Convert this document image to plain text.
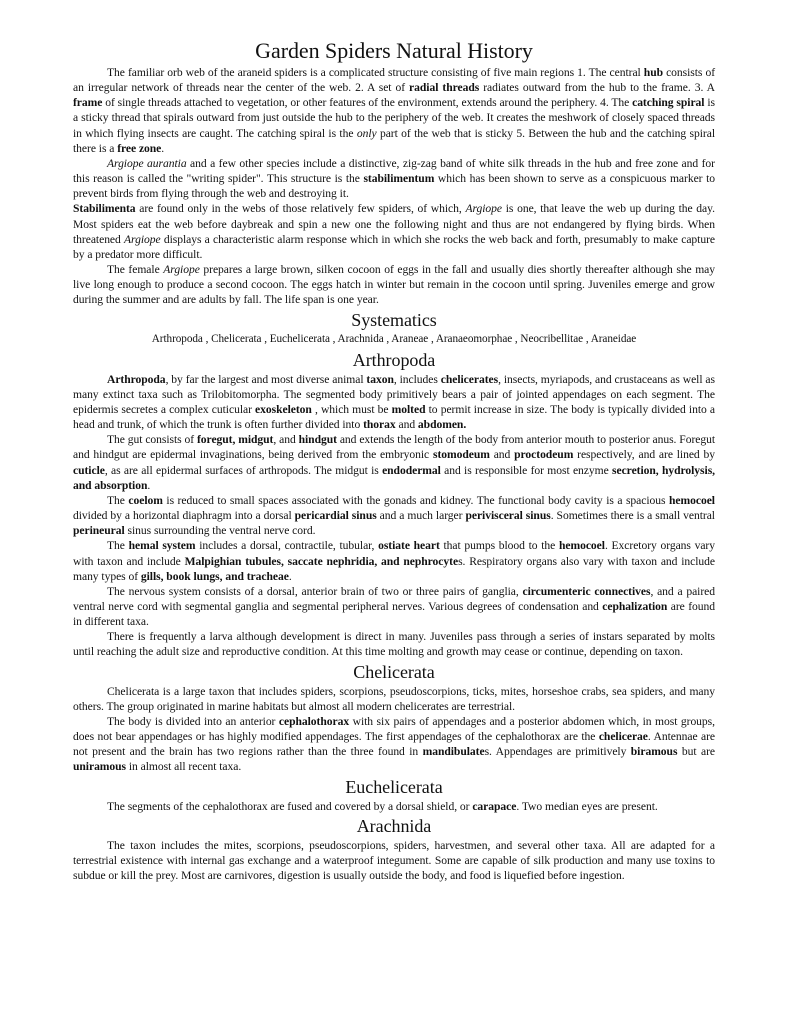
Garden Spiders Natural History

The familiar orb web of the araneid spiders is a complicated structure consisting of five main regions 1. The central hub consists of an irregular network of threads near the center of the web. 2. A set of radial threads radiates outward from the hub to the frame. 3. A frame of single threads attached to vegetation, or other features of the environment, extends around the periphery. 4. The catching spiral is a sticky thread that spirals outward from just outside the hub to the periphery of the web. It creates the meshwork of closely spaced threads in which flying insects are caught. The catching spiral is the only part of the web that is sticky 5. Between the hub and the catching spiral there is a free zone.

Argiope aurantia and a few other species include a distinctive, zig-zag band of white silk threads in the hub and free zone and for this reason is called the "writing spider". This structure is the stabilimentum which has been shown to serve as a conspicuous marker to prevent birds from flying through the web and destroying it.

Stabilimenta are found only in the webs of those relatively few spiders, of which, Argiope is one, that leave the web up during the day. Most spiders eat the web before daybreak and spin a new one the following night and thus are not endangered by flying birds. When threatened Argiope displays a characteristic alarm response which in which she rocks the web back and forth, presumably to make capture by a predator more difficult.

The female Argiope prepares a large brown, silken cocoon of eggs in the fall and usually dies shortly thereafter although she may live long enough to produce a second cocoon. The eggs hatch in winter but remain in the cocoon until spring. Juveniles emerge and grow during the summer and are adults by fall. The life span is one year.

Systematics

Arthropoda , Chelicerata , Euchelicerata , Arachnida , Araneae , Aranaeomorphae , Neocribellitae , Araneidae

Arthropoda

Arthropoda, by far the largest and most diverse animal taxon, includes chelicerates, insects, myriapods, and crustaceans as well as many extinct taxa such as Trilobitomorpha. The segmented body primitively bears a pair of jointed appendages on each segment. The epidermis secretes a complex cuticular exoskeleton , which must be molted to permit increase in size. The body is typically divided into a head and trunk, of which the trunk is often further divided into thorax and abdomen.

The gut consists of foregut, midgut, and hindgut and extends the length of the body from anterior mouth to posterior anus. Foregut and hindgut are epidermal invaginations, being derived from the embryonic stomodeum and proctodeum respectively, and are lined by cuticle, as are all epidermal surfaces of arthropods. The midgut is endodermal and is responsible for most enzyme secretion, hydrolysis, and absorption.

The coelom is reduced to small spaces associated with the gonads and kidney. The functional body cavity is a spacious hemocoel divided by a horizontal diaphragm into a dorsal pericardial sinus and a much larger perivisceral sinus. Sometimes there is a small ventral perineural sinus surrounding the ventral nerve cord.

The hemal system includes a dorsal, contractile, tubular, ostiate heart that pumps blood to the hemocoel. Excretory organs vary with taxon and include Malpighian tubules, saccate nephridia, and nephrocytes. Respiratory organs also vary with taxon and include many types of gills, book lungs, and tracheae.

The nervous system consists of a dorsal, anterior brain of two or three pairs of ganglia, circumenteric connectives, and a paired ventral nerve cord with segmental ganglia and segmental peripheral nerves. Various degrees of condensation and cephalization are found in different taxa.

There is frequently a larva although development is direct in many. Juveniles pass through a series of instars separated by molts until reaching the adult size and reproductive condition. At this time molting and growth may cease or continue, depending on taxon.

Chelicerata

Chelicerata is a large taxon that includes spiders, scorpions, pseudoscorpions, ticks, mites, horseshoe crabs, sea spiders, and many others. The group originated in marine habitats but almost all modern chelicerates are terrestrial.

The body is divided into an anterior cephalothorax with six pairs of appendages and a posterior abdomen which, in most groups, does not bear appendages or has highly modified appendages. The first appendages of the cephalothorax are the chelicerae. Antennae are not present and the brain has two regions rather than the three found in mandibulates. Appendages are primitively biramous but are uniramous in almost all recent taxa.

Euchelicerata

The segments of the cephalothorax are fused and covered by a dorsal shield, or carapace. Two median eyes are present.

Arachnida

The taxon includes the mites, scorpions, pseudoscorpions, spiders, harvestmen, and several other taxa. All are adapted for a terrestrial existence with internal gas exchange and a waterproof integument. Some are capable of silk production and many use toxins to subdue or kill the prey. Most are carnivores, digestion is usually outside the body, and food is liquefied before ingestion.
